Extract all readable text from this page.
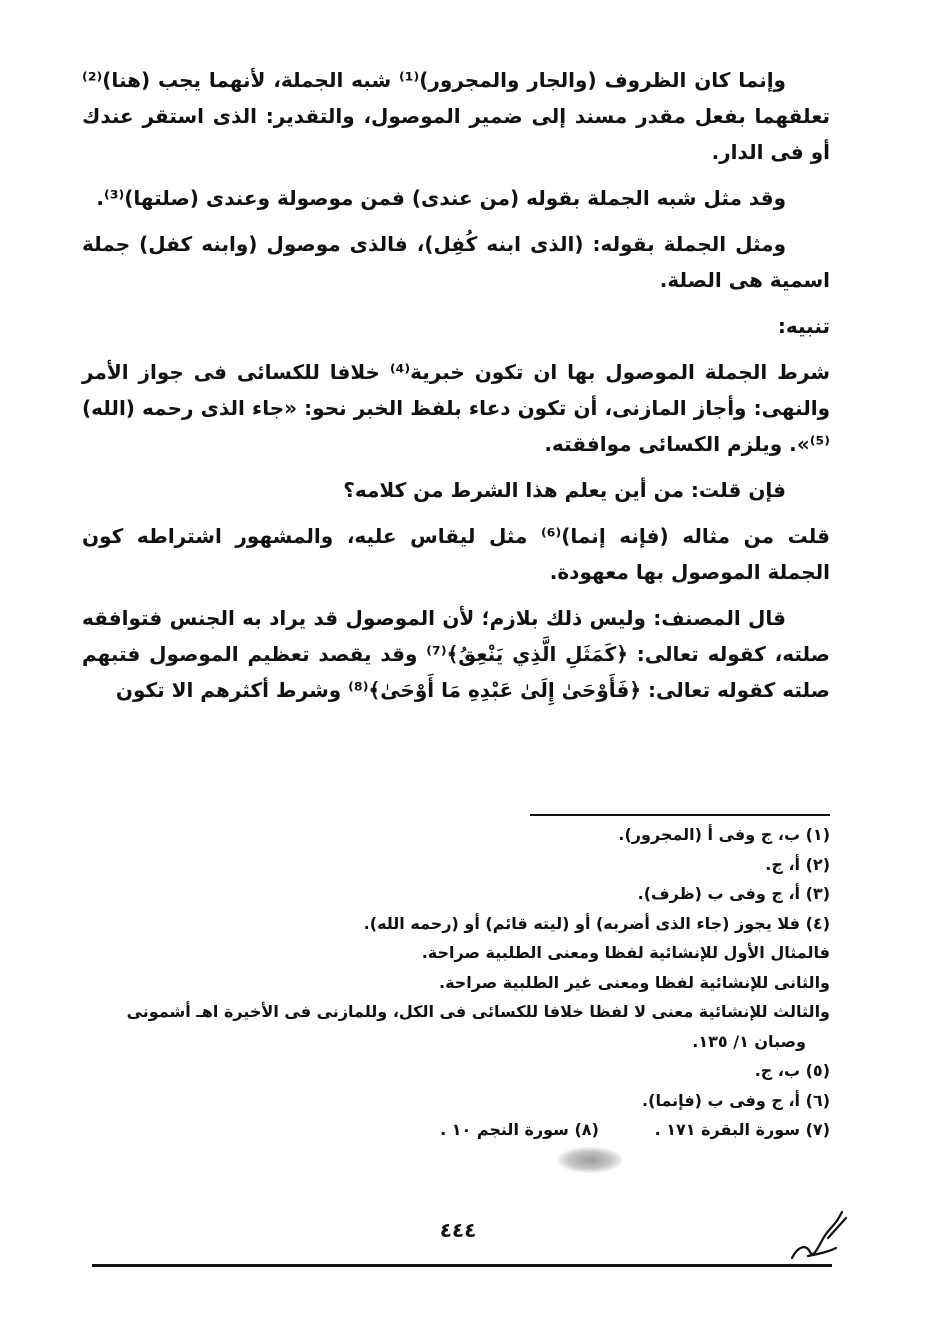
وإنما كان الظروف (والجار والمجرور)⁽¹⁾ شبه الجملة، لأنهما يجب (هنا)⁽²⁾ تعلقهما بفعل مقدر مسند إلى ضمير الموصول، والتقدير: الذى استقر عندك أو فى الدار.

وقد مثل شبه الجملة بقوله (من عندى) فمن موصولة وعندى (صلتها)⁽³⁾.

ومثل الجملة بقوله: (الذى ابنه كُفِل)، فالذى موصول (وابنه كفل) جملة اسمية هى الصلة.

تنبيه:

شرط الجملة الموصول بها ان تكون خبرية⁽⁴⁾ خلافا للكسائى فى جواز الأمر والنهى: وأجاز المازنى، أن تكون دعاء بلفظ الخبر نحو: «جاء الذى رحمه (الله)⁽⁵⁾». ويلزم الكسائى موافقته.

فإن قلت: من أين يعلم هذا الشرط من كلامه؟

قلت من مثاله (فإنه إنما)⁽⁶⁾ مثل ليقاس عليه، والمشهور اشتراطه كون الجملة الموصول بها معهودة.

قال المصنف: وليس ذلك بلازم؛ لأن الموصول قد يراد به الجنس فتوافقه صلته، كقوله تعالى: ﴿كَمَثَلِ الَّذِي يَنْعِقُ﴾⁽⁷⁾ وقد يقصد تعظيم الموصول فتبهم صلته كقوله تعالى: ﴿فَأَوْحَىٰ إِلَىٰ عَبْدِهِ مَا أَوْحَىٰ﴾⁽⁸⁾ وشرط أكثرهم الا تكون

(١) ب، ج وفى أ (المجرور).

(٢) أ، ج.

(٣) أ، ج وفى ب (ظرف).

(٤) فلا يجوز (جاء الذى أضربه) أو (ليته قائم) أو (رحمه الله).

فالمثال الأول للإنشائية لفظا ومعنى الطلبية صراحة.

والثانى للإنشائية لفظا ومعنى غير الطلبية صراحة.

والثالث للإنشائية معنى لا لفظا خلافا للكسائى فى الكل، وللمازنى فى الأخيرة اهـ أشمونى

وصبان ١/ ١٣٥.

(٥) ب، ج.

(٦) أ، ج وفى ب (فإنما).

(٧) سورة البقرة ١٧١ .          (٨) سورة النجم ١٠ .

٤٤٤
